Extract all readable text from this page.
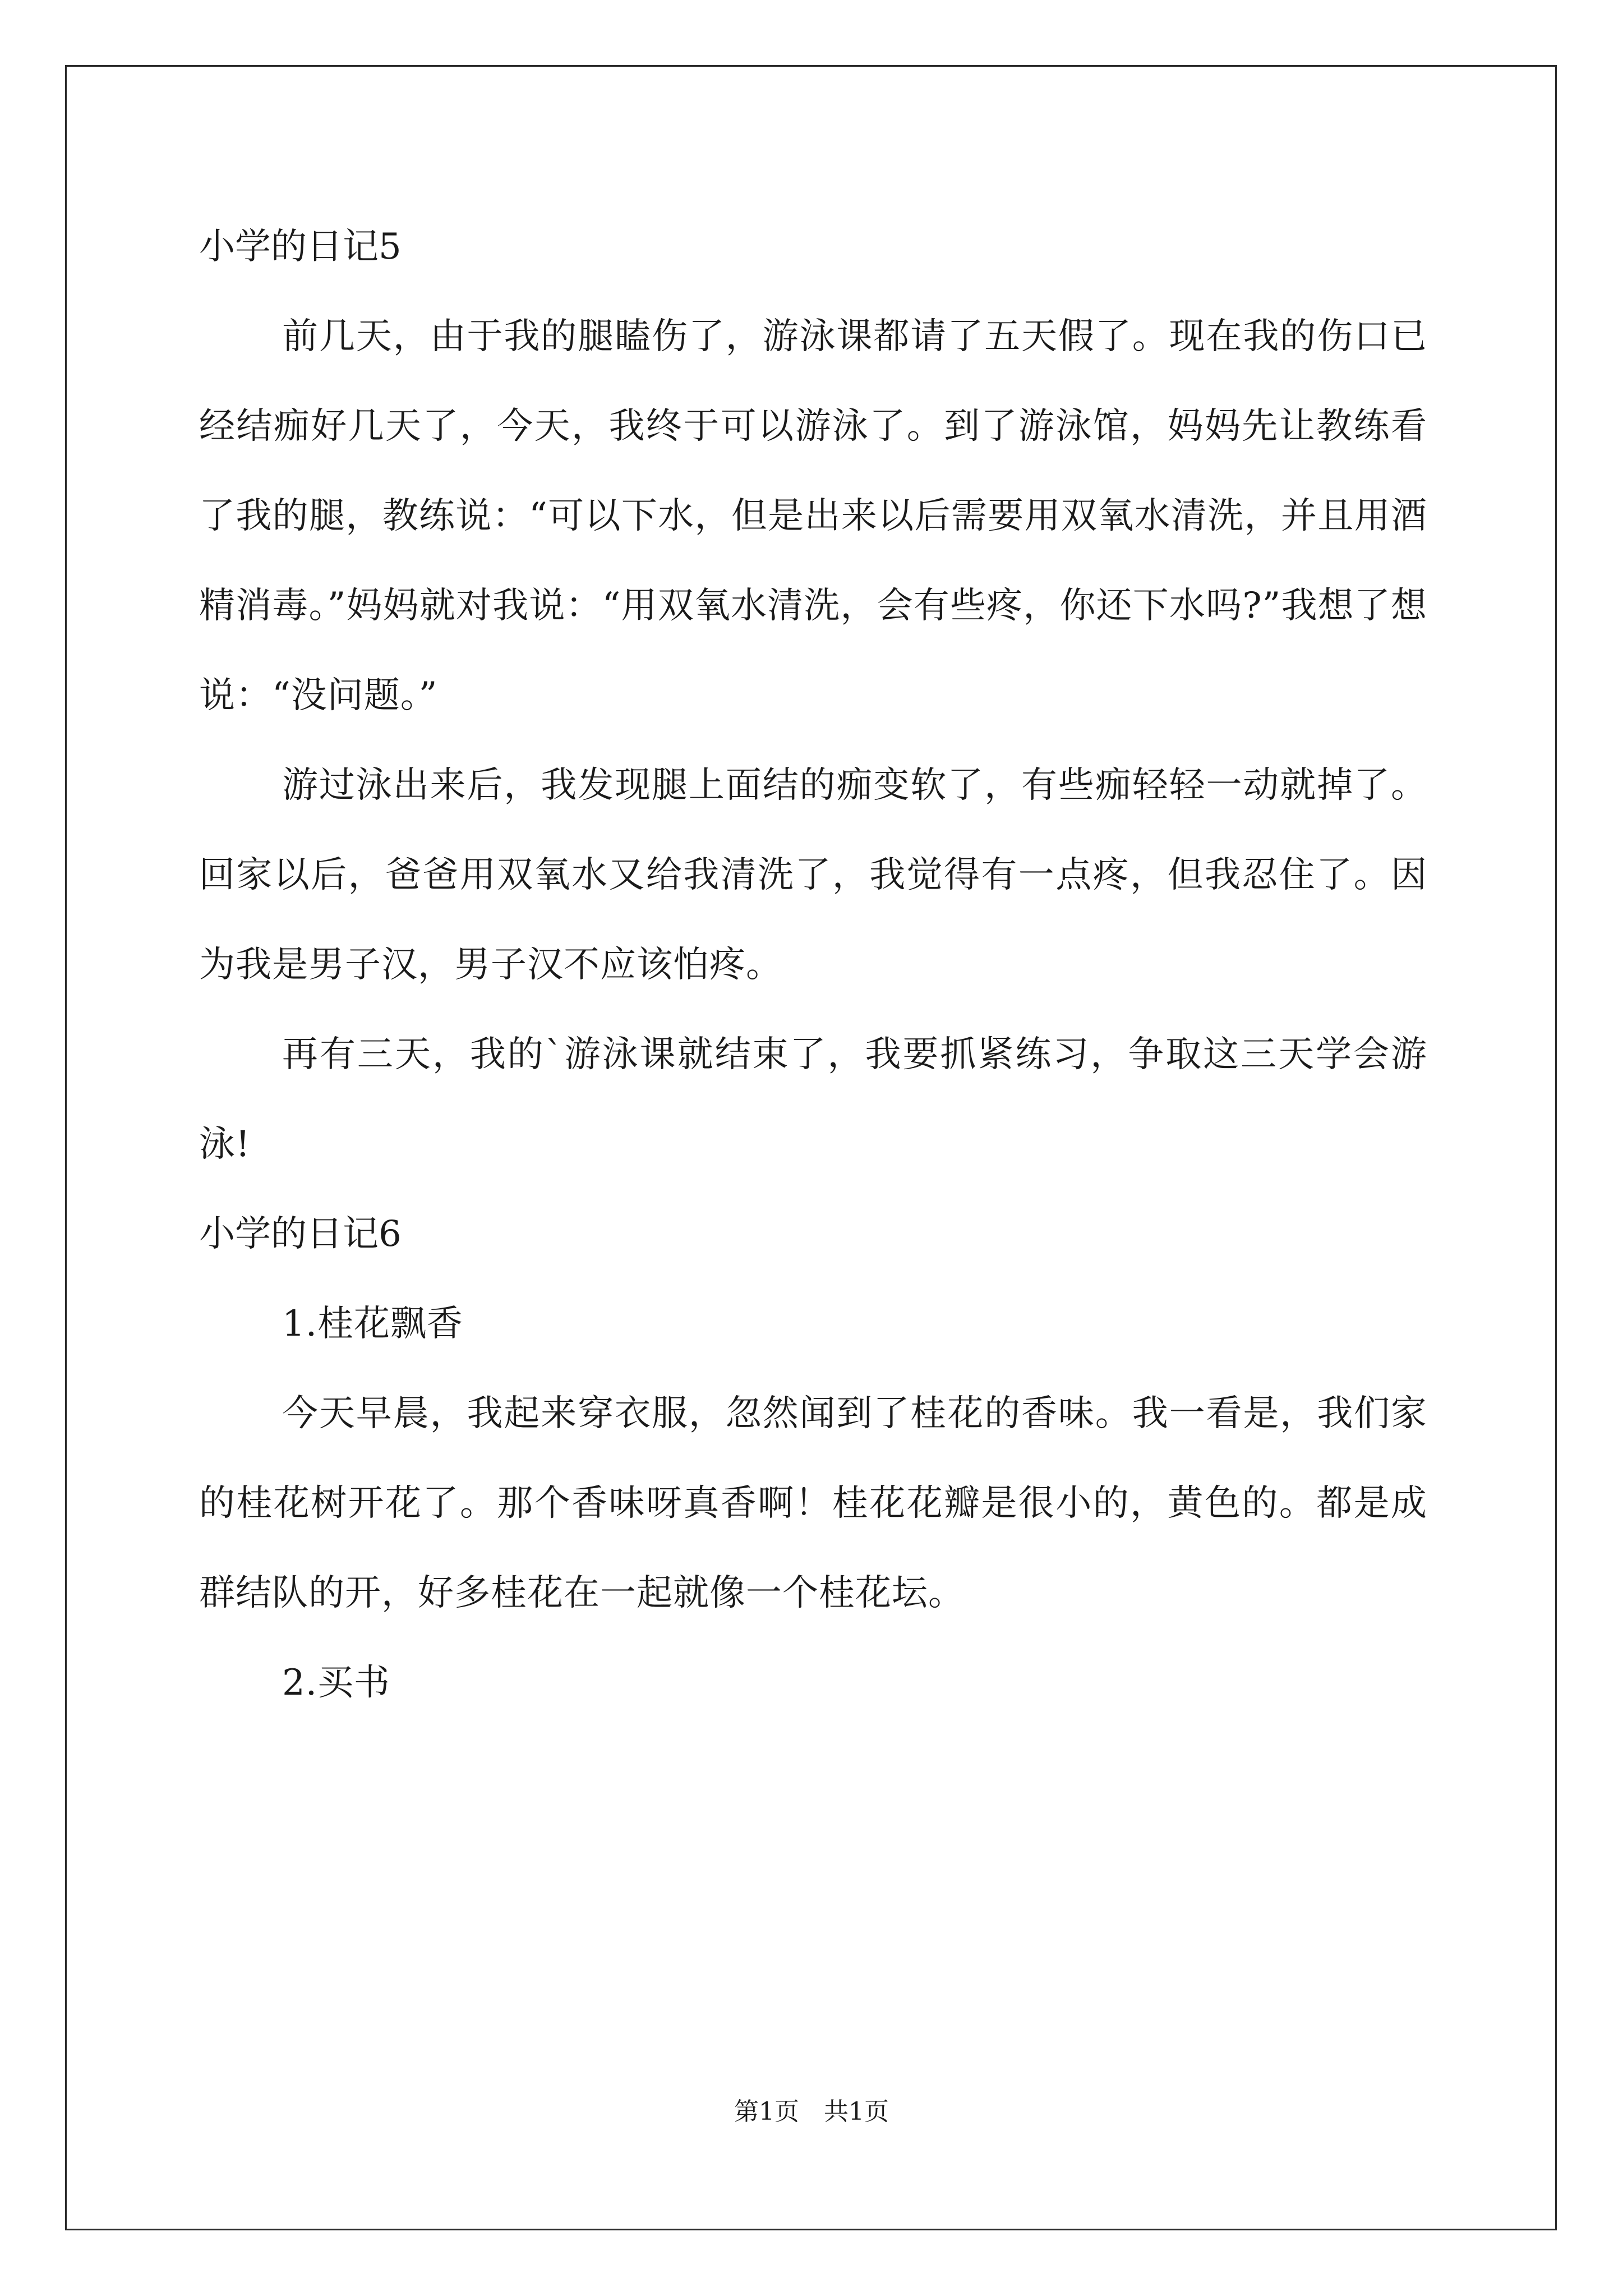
小学的日记5

前几天，由于我的腿瞌伤了，游泳课都请了五天假了。现在我的伤口已经结痂好几天了，今天，我终于可以游泳了。到了游泳馆，妈妈先让教练看了我的腿，教练说：“可以下水，但是出来以后需要用双氧水清洗，并且用酒精消毒。”妈妈就对我说：“用双氧水清洗，会有些疼，你还下水吗?”我想了想说：“没问题。”

游过泳出来后，我发现腿上面结的痂变软了，有些痂轻轻一动就掉了。回家以后，爸爸用双氧水又给我清洗了，我觉得有一点疼，但我忍住了。因为我是男子汉，男子汉不应该怕疼。

再有三天，我的`游泳课就结束了，我要抓紧练习，争取这三天学会游泳!

小学的日记6

1.桂花飘香

今天早晨，我起来穿衣服，忽然闻到了桂花的香味。我一看是，我们家的桂花树开花了。那个香味呀真香啊！桂花花瓣是很小的，黄色的。都是成群结队的开，好多桂花在一起就像一个桂花坛。

2.买书

第1页 共1页
